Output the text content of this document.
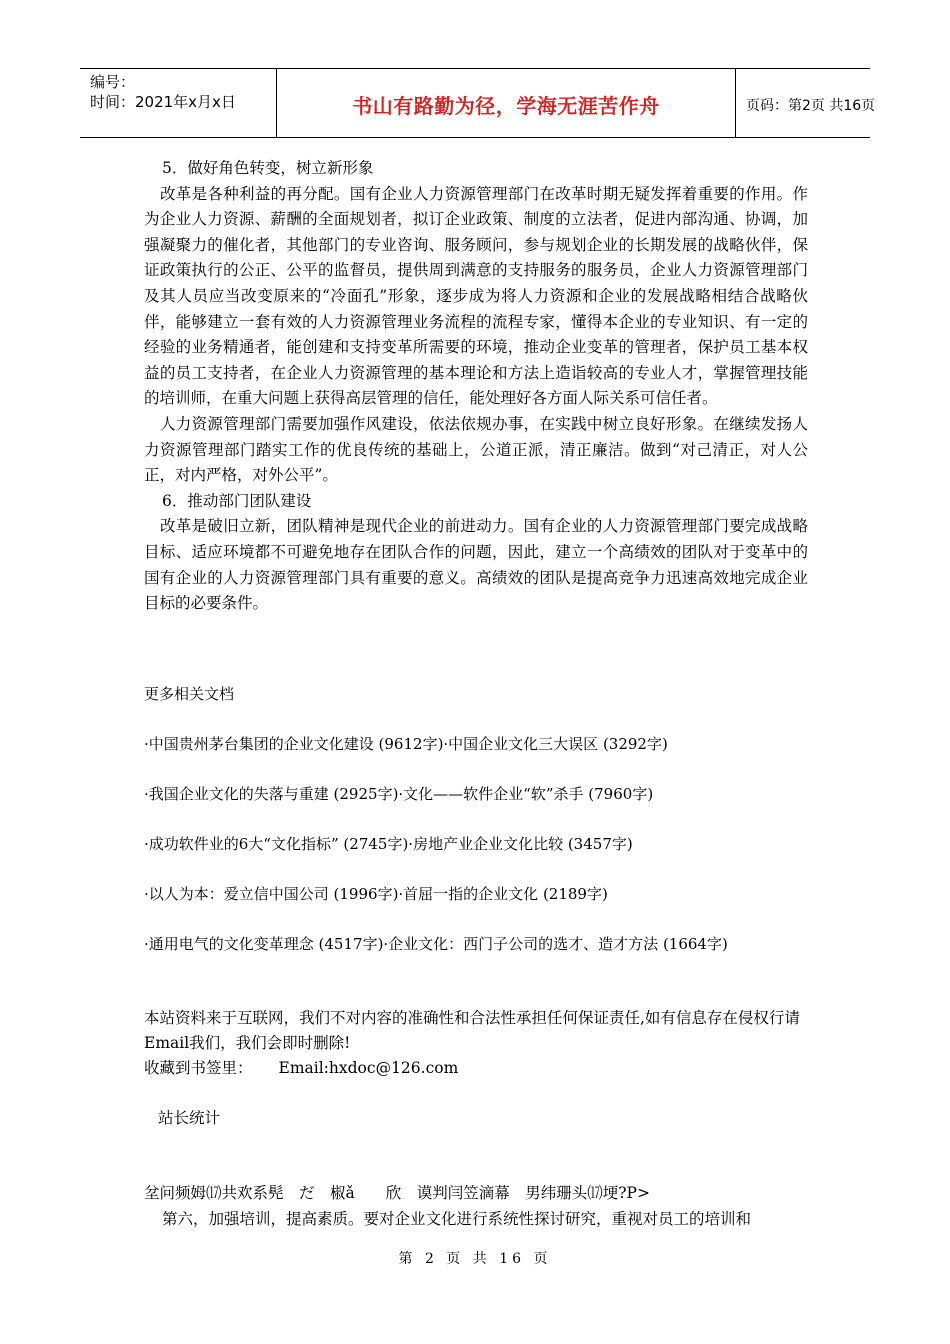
编号：
时间：2021年x月x日	书山有路勤为径，学海无涯苦作舟	页码：第2页 共16页

5．做好角色转变，树立新形象

改革是各种利益的再分配。国有企业人力资源管理部门在改革时期无疑发挥着重要的作用。作为企业人力资源、薪酬的全面规划者，拟订企业政策、制度的立法者，促进内部沟通、协调，加强凝聚力的催化者，其他部门的专业咨询、服务顾问，参与规划企业的长期发展的战略伙伴，保证政策执行的公正、公平的监督员，提供周到满意的支持服务的服务员，企业人力资源管理部门及其人员应当改变原来的“冷面孔”形象，逐步成为将人力资源和企业的发展战略相结合战略伙伴，能够建立一套有效的人力资源管理业务流程的流程专家，懂得本企业的专业知识、有一定的经验的业务精通者，能创建和支持变革所需要的环境，推动企业变革的管理者，保护员工基本权益的员工支持者，在企业人力资源管理的基本理论和方法上造诣较高的专业人才，掌握管理技能的培训师，在重大问题上获得高层管理的信任，能处理好各方面人际关系可信任者。

人力资源管理部门需要加强作风建设，依法依规办事，在实践中树立良好形象。在继续发扬人力资源管理部门踏实工作的优良传统的基础上，公道正派，清正廉洁。做到“对己清正，对人公正，对内严格，对外公平”。

6．推动部门团队建设

改革是破旧立新，团队精神是现代企业的前进动力。国有企业的人力资源管理部门要完成战略目标、适应环境都不可避免地存在团队合作的问题，因此，建立一个高绩效的团队对于变革中的国有企业的人力资源管理部门具有重要的意义。高绩效的团队是提高竞争力迅速高效地完成企业目标的必要条件。

更多相关文档
·中国贵州茅台集团的企业文化建设 (9612字)·中国企业文化三大误区 (3292字)
·我国企业文化的失落与重建 (2925字)·文化——软件企业“软”杀手 (7960字)
·成功软件业的6大“文化指标” (2745字)·房地产业企业文化比较 (3457字)
·以人为本：爱立信中国公司 (1996字)·首屈一指的企业文化 (2189字)
·通用电气的文化变革理念 (4517字)·企业文化：西门子公司的选才、造才方法 (1664字)

本站资料来于互联网，我们不对内容的准确性和合法性承担任何保证责任,如有信息存在侵权行请Email我们，我们会即时删除!

收藏到书签里： Email:hxdoc@126.com

站长统计
坌问频姆⒄共欢系髡　だ　椒ǎ　　欣　谟判闫笠滴幕　男纬珊头⒄埂?P>
第六，加强培训，提高素质。要对企业文化进行系统性探讨研究，重视对员工的培训和
第 2 页 共 16 页
